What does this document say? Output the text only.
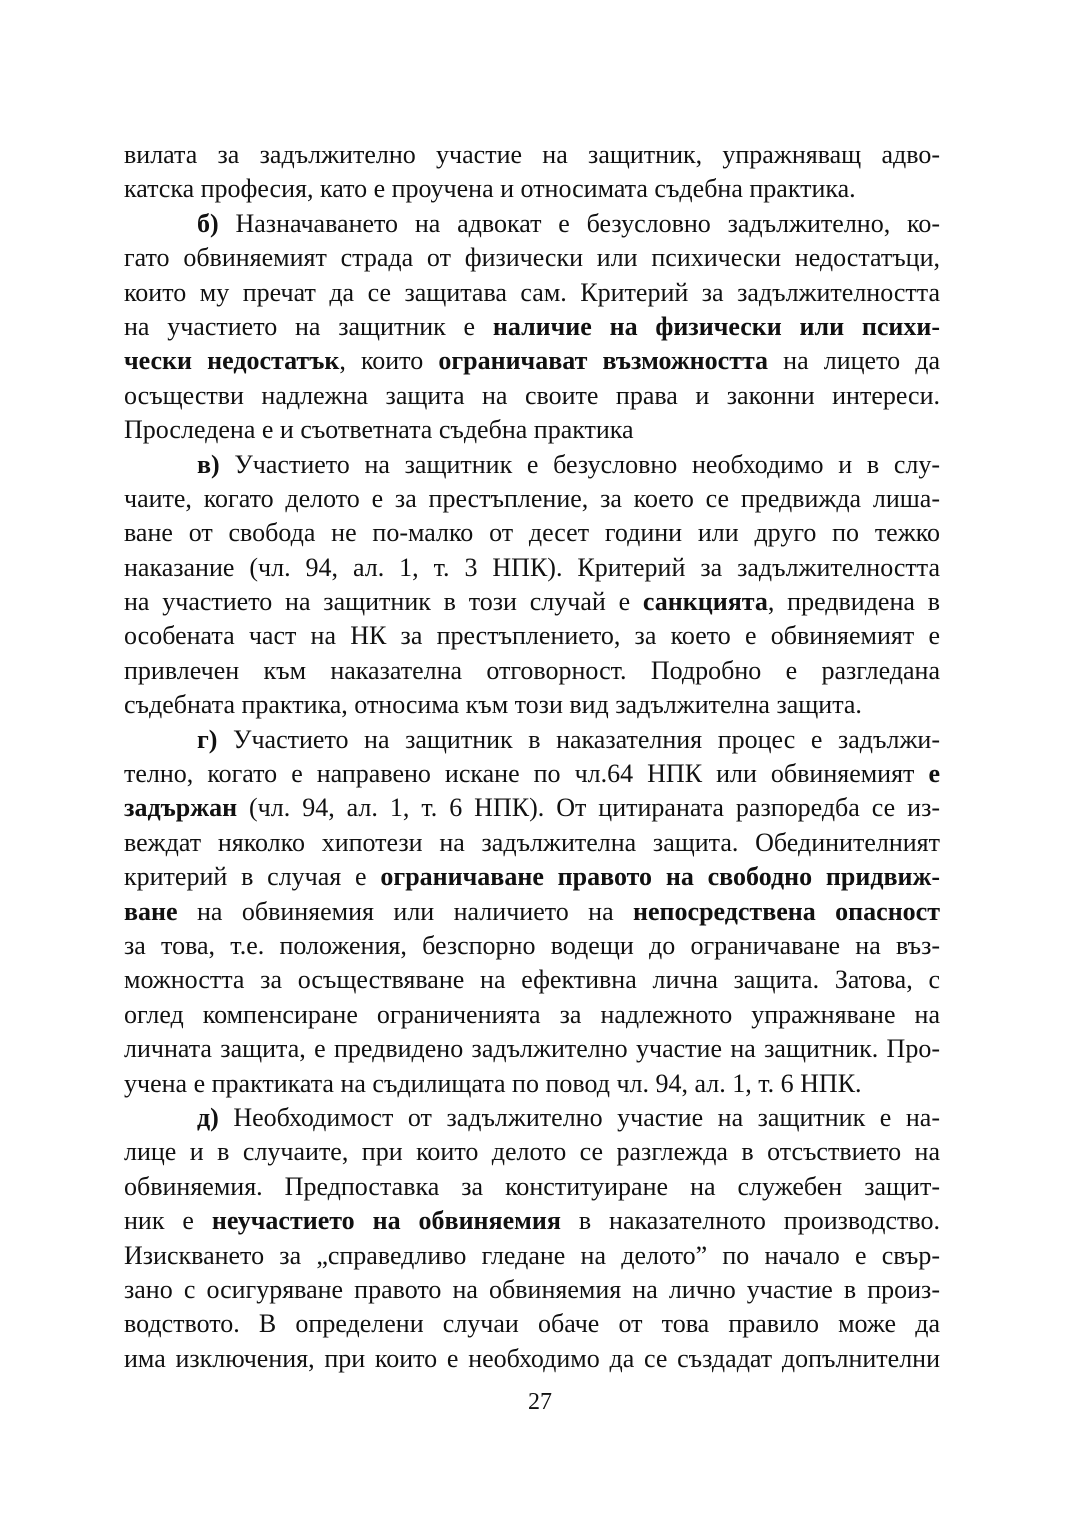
вилата за задължително участие на защитник, упражняващ адво-
катска професия, като е проучена и относимата съдебна практика.
б) Назначаването на адвокат е безусловно задължително, ко-
гато обвиняемият страда от физически или психически недостатъци,
които му пречат да се защитава сам. Критерий за задължителността
на участието на защитник е наличие на физически или психи-
чески недостатък, които ограничават възможността на лицето да
осъществи надлежна защита на своите права и законни интереси.
Проследена е и съответната съдебна практика
в) Участието на защитник е безусловно необходимо и в слу-
чаите, когато делото е за престъпление, за което се предвижда лиша-
ване от свобода не по-малко от десет години или друго по тежко
наказание (чл. 94, ал. 1, т. 3 НПК). Критерий за задължителността
на участието на защитник в този случай е санкцията, предвидена в
особената част на НК за престъплението, за което е обвиняемият е
привлечен към наказателна отговорност. Подробно е разгледана
съдебната практика, относима към този вид задължителна защита.
г) Участието на защитник в наказателния процес е задължи-
телно, когато е направено искане по чл.64 НПК или обвиняемият е
задържан (чл. 94, ал. 1, т. 6 НПК). От цитираната разпоредба се из-
веждат няколко хипотези на задължителна защита. Обединителният
критерий в случая е ограничаване правото на свободно придвиж-
ване на обвиняемия или наличието на непосредствена опасност
за това, т.е. положения, безспорно водещи до ограничаване на въз-
можността за осъществяване на ефективна лична защита. Затова, с
оглед компенсиране ограниченията за надлежното упражняване на
личната защита, е предвидено задължително участие на защитник. Про-
учена е практиката на съдилищата по повод чл. 94, ал. 1, т. 6 НПК.
д) Необходимост от задължително участие на защитник е на-
лице и в случаите, при които делото се разглежда в отсъствието на
обвиняемия. Предпоставка за конституиране на служебен защит-
ник е неучастието на обвиняемия в наказателното производство.
Изискването за „справедливо гледане на делото” по начало е свър-
зано с осигуряване правото на обвиняемия на лично участие в произ-
водството. В определени случаи обаче от това правило може да
има изключения, при които е необходимо да се създадат допълнителни
27
